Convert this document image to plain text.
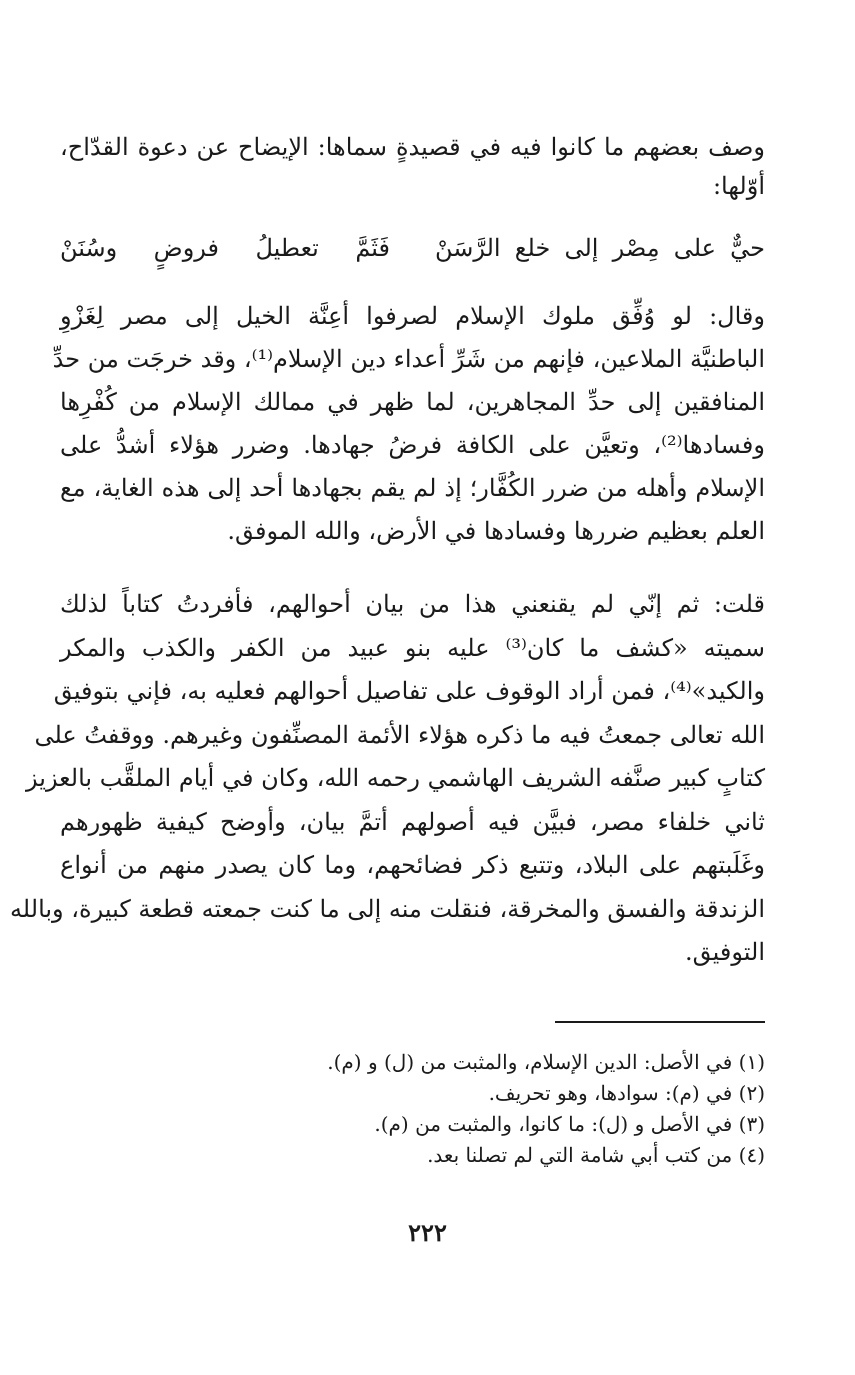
وصف بعضهم ما كانوا فيه في قصيدةٍ سماها: الإيضاح عن دعوة القدّاح،
أوّلها:
حيٌّ على مِصْر إلى خلع الرَّسَنْ
فَثَمَّ تعطيلُ فروضٍ وسُنَنْ
وقال: لو وُفِّق ملوك الإسلام لصرفوا أعِنَّة الخيل إلى مصر لِغَزْوِ
الباطنيَّة الملاعين، فإنهم من شَرِّ أعداء دين الإسلام⁽¹⁾، وقد خرجَت من حدِّ
المنافقين إلى حدِّ المجاهرين، لما ظهر في ممالك الإسلام من كُفْرِها
وفسادها⁽²⁾، وتعيَّن على الكافة فرضُ جهادها. وضرر هؤلاء أشدُّ على
الإسلام وأهله من ضرر الكُفَّار؛ إذ لم يقم بجهادها أحد إلى هذه الغاية، مع
العلم بعظيم ضررها وفسادها في الأرض، والله الموفق.
قلت: ثم إنّي لم يقنعني هذا من بيان أحوالهم، فأفردتُ كتاباً لذلك
سميته «كشف ما كان⁽³⁾ عليه بنو عبيد من الكفر والكذب والمكر
والكيد»⁽⁴⁾، فمن أراد الوقوف على تفاصيل أحوالهم فعليه به، فإني بتوفيق
الله تعالى جمعتُ فيه ما ذكره هؤلاء الأئمة المصنِّفون وغيرهم. ووقفتُ على
كتابٍ كبير صنَّفه الشريف الهاشمي رحمه الله، وكان في أيام الملقَّب بالعزيز
ثاني خلفاء مصر، فبيَّن فيه أصولهم أتمَّ بيان، وأوضح كيفية ظهورهم
وغَلَبتهم على البلاد، وتتبع ذكر فضائحهم، وما كان يصدر منهم من أنواع
الزندقة والفسق والمخرقة، فنقلت منه إلى ما كنت جمعته قطعة كبيرة، وبالله
التوفيق.
(١) في الأصل: الدين الإسلام، والمثبت من (ل) و (م).
(٢) في (م): سوادها، وهو تحريف.
(٣) في الأصل و (ل): ما كانوا، والمثبت من (م).
(٤) من كتب أبي شامة التي لم تصلنا بعد.
٢٢٢
